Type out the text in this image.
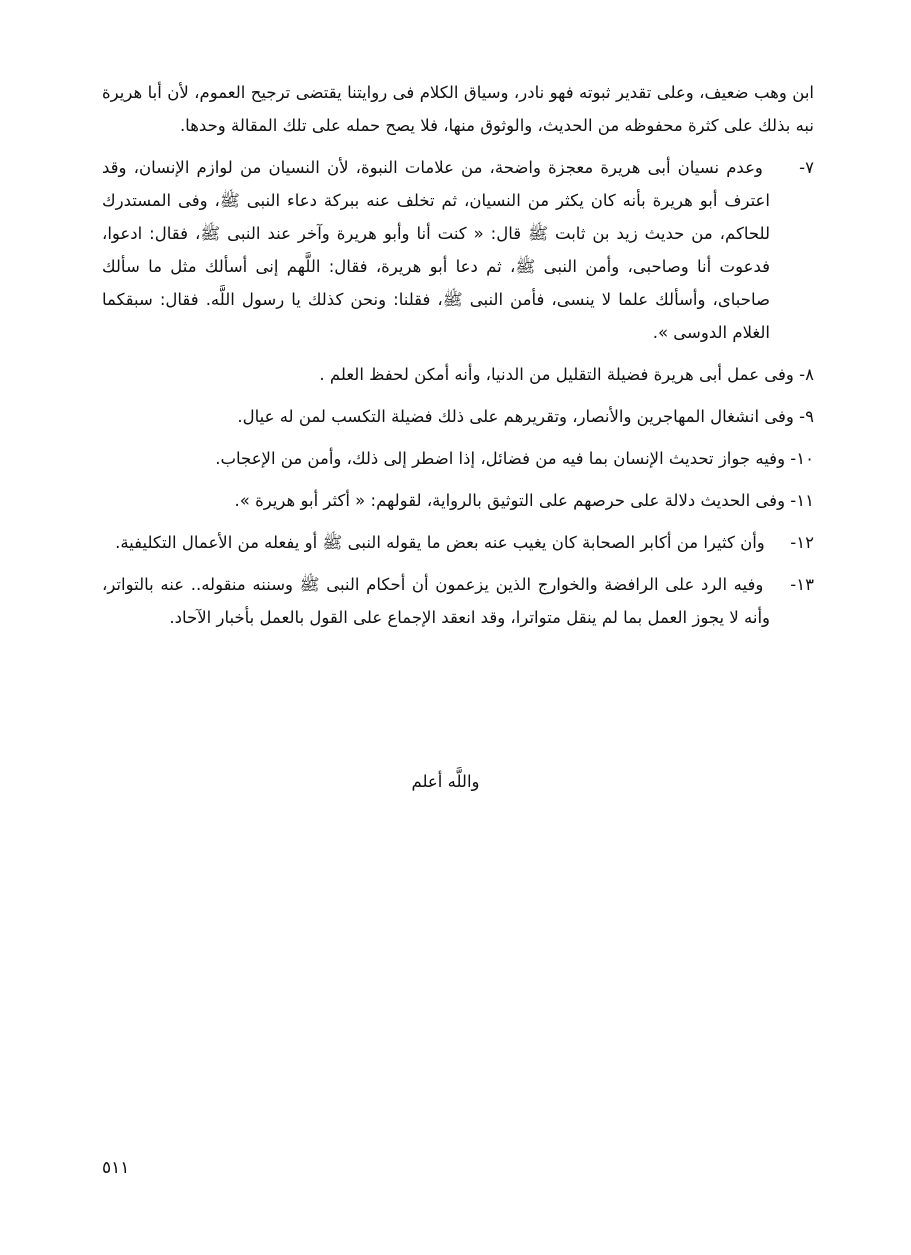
ابن وهب ضعيف، وعلى تقدير ثبوته فهو نادر، وسياق الكلام فى روايتنا يقتضى ترجيح العموم، لأن أبا هريرة نبه بذلك على كثرة محفوظه من الحديث، والوثوق منها، فلا يصح حمله على تلك المقالة وحدها.

٧- وعدم نسيان أبى هريرة معجزة واضحة، من علامات النبوة، لأن النسيان من لوازم الإنسان، وقد اعترف أبو هريرة بأنه كان يكثر من النسيان، ثم تخلف عنه ببركة دعاء النبى ﷺ، وفى المستدرك للحاكم، من حديث زيد بن ثابت ﷺ قال: « كنت أنا وأبو هريرة وآخر عند النبى ﷺ، فقال: ادعوا، فدعوت أنا وصاحبى، وأمن النبى ﷺ، ثم دعا أبو هريرة، فقال: اللَّهم إنى أسألك مثل ما سألك صاحباى، وأسألك علما لا ينسى، فأمن النبى ﷺ، فقلنا: ونحن كذلك يا رسول اللَّه. فقال: سبقكما الغلام الدوسى ».

٨- وفى عمل أبى هريرة فضيلة التقليل من الدنيا، وأنه أمكن لحفظ العلم .

٩- وفى انشغال المهاجرين والأنصار، وتقريرهم على ذلك فضيلة التكسب لمن له عيال.

١٠- وفيه جواز تحديث الإنسان بما فيه من فضائل، إذا اضطر إلى ذلك، وأمن من الإعجاب.

١١- وفى الحديث دلالة على حرصهم على التوثيق بالرواية، لقولهم: « أكثر أبو هريرة ».

١٢- وأن كثيرا من أكابر الصحابة كان يغيب عنه بعض ما يقوله النبى ﷺ أو يفعله من الأعمال التكليفية.

١٣- وفيه الرد على الرافضة والخوارج الذين يزعمون أن أحكام النبى ﷺ وسننه منقوله.. عنه بالتواتر، وأنه لا يجوز العمل بما لم ينقل متواترا، وقد انعقد الإجماع على القول بالعمل بأخبار الآحاد.

واللَّه أعلم
٥١١
